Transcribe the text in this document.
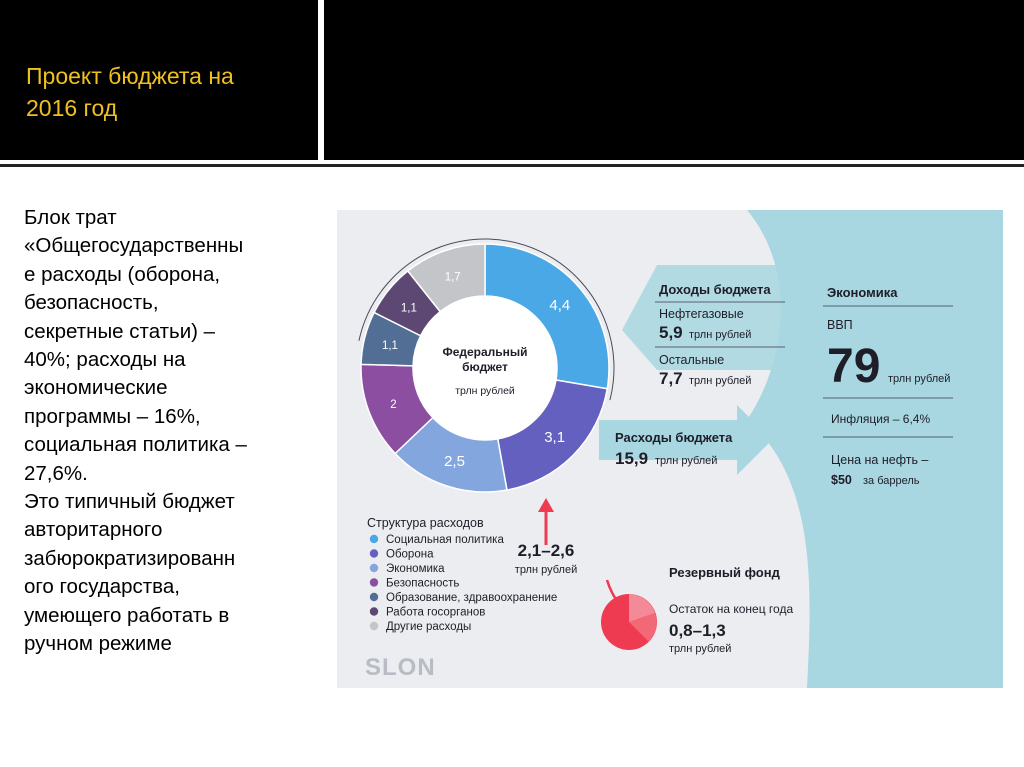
Проект бюджета на
2016 год
Блок трат
«Общегосударственны
е расходы (оборона,
безопасность,
секретные статьи) –
40%; расходы на
экономические
программы – 16%,
социальная политика –
27,6%.
Это типичный бюджет
авторитарного
забюрократизированн
ого государства,
умеющего работать в
ручном режиме
4,4
3,1
2,5
2
1,1
1,1
1,7
Федеральный бюджет
трлн рублей
Структура расходов
Социальная политика
Оборона
Экономика
Безопасность
Образование, здравоохранение
Работа госорганов
Другие расходы
SLON
Доходы бюджета
Нефтегазовые
5,9 трлн рублей
Остальные
7,7 трлн рублей
Расходы бюджета
15,9 трлн рублей
Экономика
ВВП
79 трлн рублей
Инфляция – 6,4%
Цена на нефть –
$50 за баррель
2,1–2,6
трлн рублей	Резервный фонд
Остаток на конец года
0,8–1,3
трлн рублей
